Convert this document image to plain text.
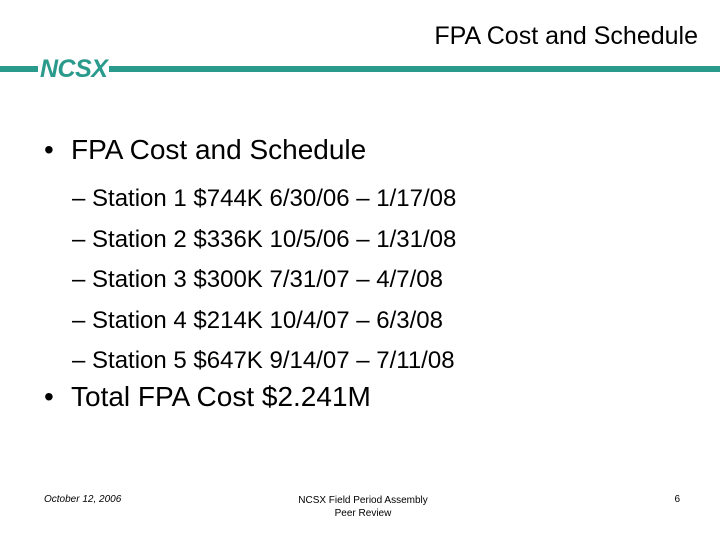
FPA Cost and Schedule
NCSX
• FPA Cost and Schedule
– Station 1 $744K 6/30/06 – 1/17/08
– Station 2 $336K 10/5/06 – 1/31/08
– Station 3 $300K 7/31/07 – 4/7/08
– Station 4 $214K 10/4/07 – 6/3/08
– Station 5 $647K 9/14/07 – 7/11/08
• Total FPA Cost $2.241M
October 12, 2006	NCSX Field Period Assembly
Peer Review
6
